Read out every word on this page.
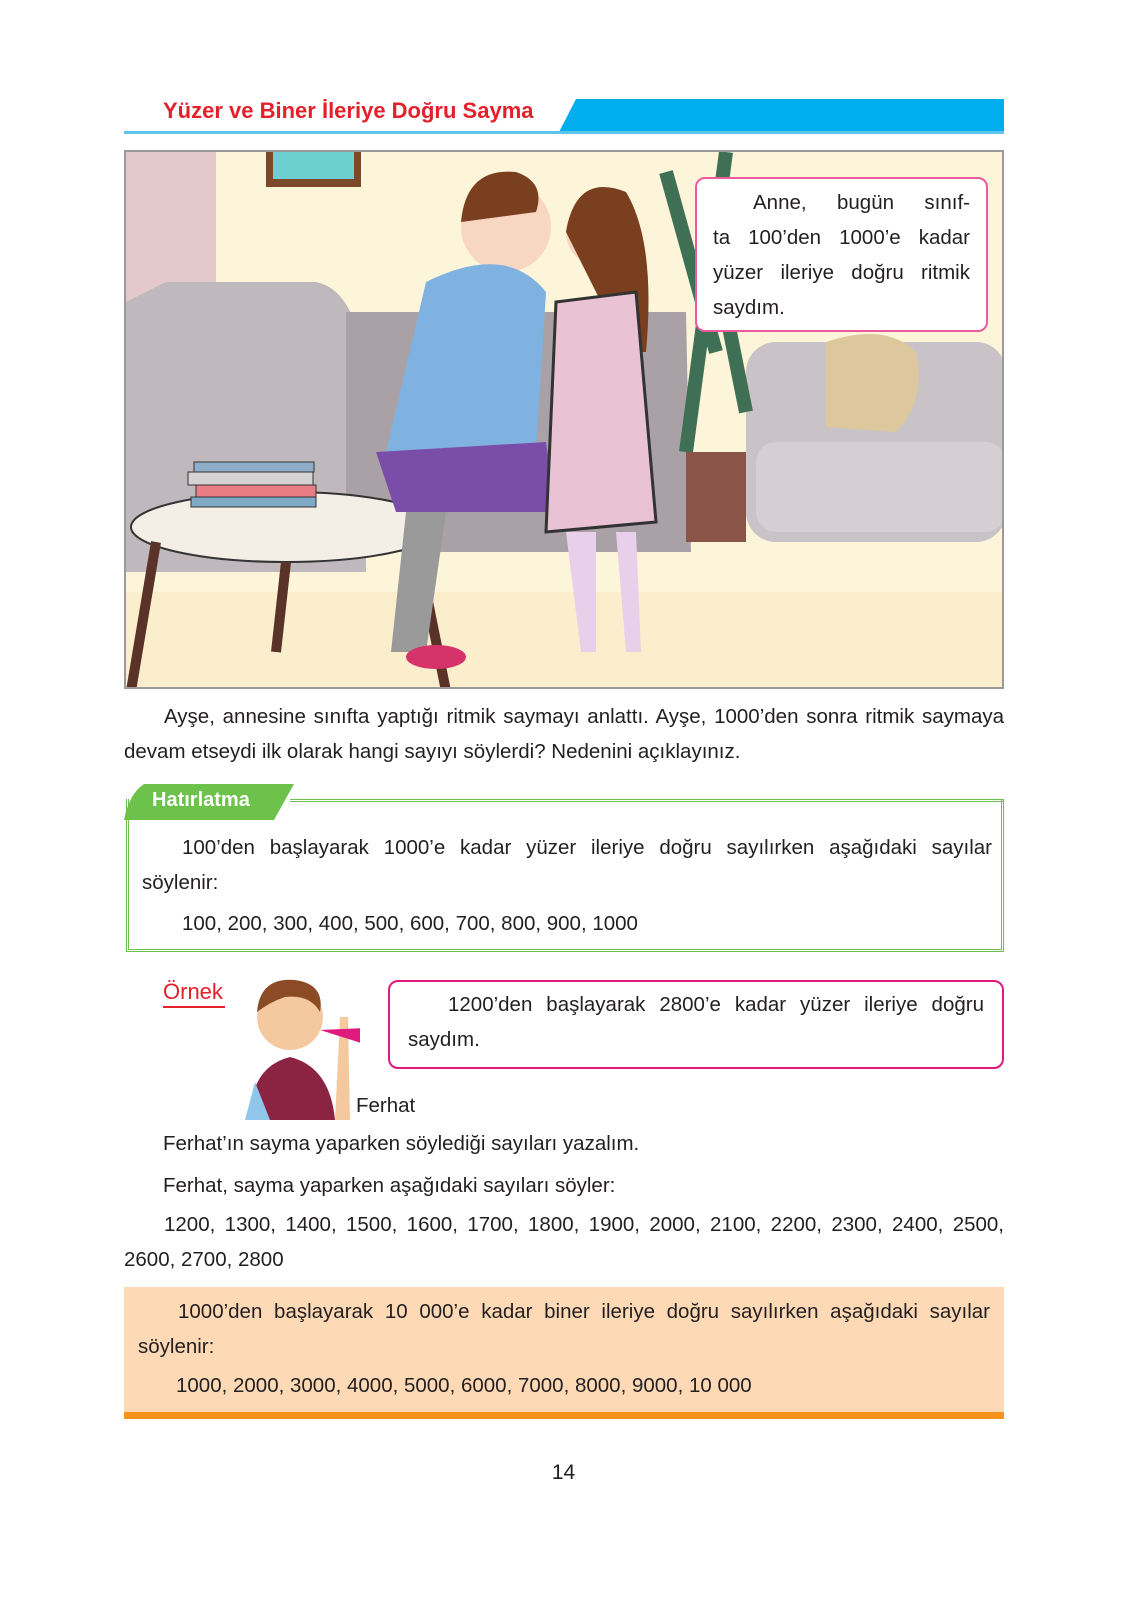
Yüzer ve Biner İleriye Doğru Sayma
Anne, bugün sınıf-
ta 100’den 1000’e kadar
yüzer ileriye doğru ritmik
saydım.
Ayşe, annesine sınıfta yaptığı ritmik saymayı anlattı. Ayşe, 1000’den sonra ritmik saymaya devam etseydi ilk olarak hangi sayıyı söylerdi? Nedenini açıklayınız.
Hatırlatma
100’den başlayarak 1000’e kadar yüzer ileriye doğru sayılırken aşağıdaki sayılar söylenir:
100, 200, 300, 400, 500, 600, 700, 800, 900, 1000
Örnek
1200’den başlayarak 2800’e kadar yüzer ileriye doğru saydım.
Ferhat
Ferhat’ın sayma yaparken söylediği sayıları yazalım.
Ferhat, sayma yaparken aşağıdaki sayıları söyler:
1200, 1300, 1400, 1500, 1600, 1700, 1800, 1900, 2000, 2100, 2200, 2300, 2400, 2500, 2600, 2700, 2800
1000’den başlayarak 10 000’e kadar biner ileriye doğru sayılırken aşağıdaki sayılar söylenir:
1000, 2000, 3000, 4000, 5000, 6000, 7000, 8000, 9000, 10 000
14
